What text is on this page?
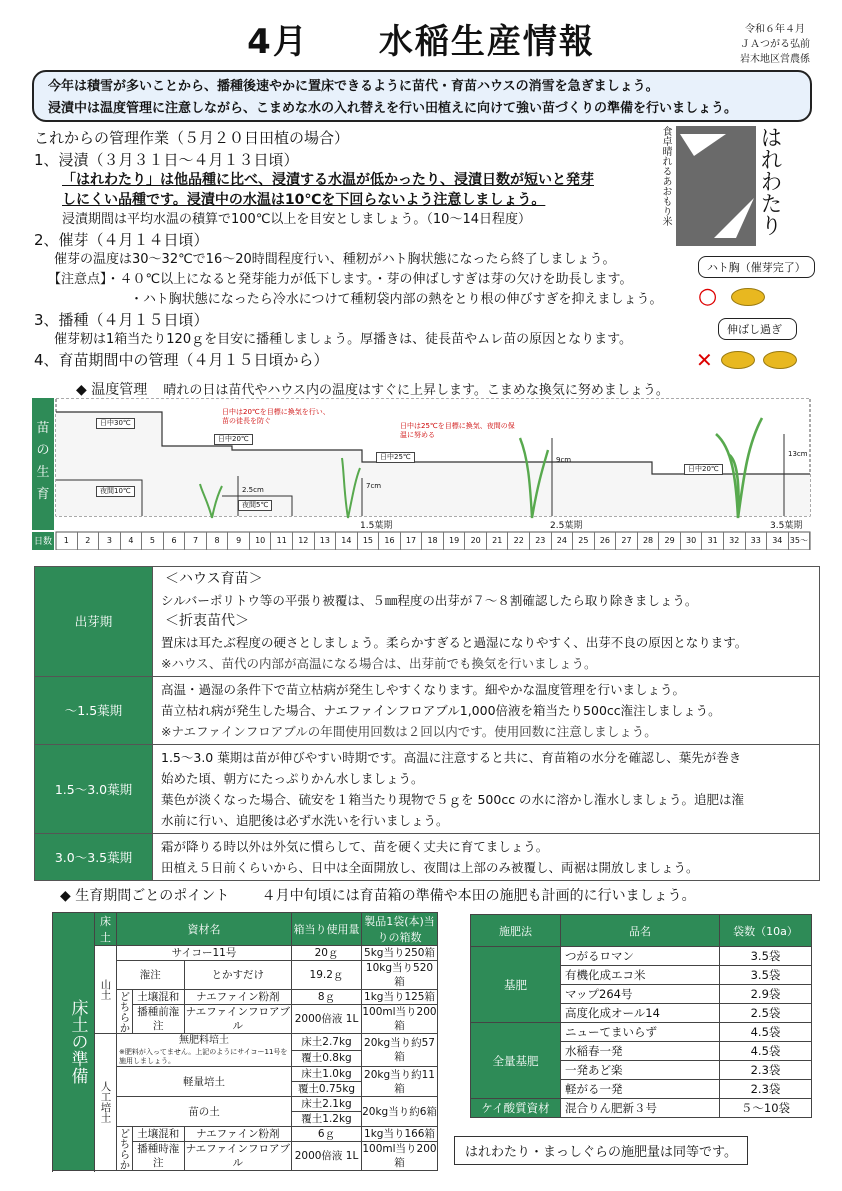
4月 水稲生産情報	令和６年４月
ＪＡつがる弘前
岩木地区営農係
今年は積雪が多いことから、播種後速やかに置床できるように苗代・育苗ハウスの消雪を急ぎましょう。
浸漬中は温度管理に注意しながら、こまめな水の入れ替えを行い田植えに向けて強い苗づくりの準備を行いましょう。
これからの管理作業（５月２０日田植の場合）
1、浸漬（３月３１日～４月１３日頃）
「はれわたり」は他品種に比べ、浸漬する水温が低かったり、浸漬日数が短いと発芽
しにくい品種です。浸漬中の水温は10℃を下回らないよう注意しましょう。
浸漬期間は平均水温の積算で100℃以上を目安としましょう。（10～14日程度）
2、催芽（４月１４日頃）
催芽の温度は30～32℃で16～20時間程度行い、種籾がハト胸状態になったら終了しましょう。
【注意点】・４０℃以上になると発芽能力が低下します。・芽の伸ばしすぎは芽の欠けを助長します。
・ハト胸状態になったら冷水につけて種籾袋内部の熱をとり根の伸びすぎを抑えましょう。
3、播種（４月１５日頃）
催芽籾は1箱当たり120ｇを目安に播種しましょう。厚播きは、徒長苗やムレ苗の原因となります。
4、育苗期間中の管理（４月１５日頃から）
◆ 温度管理 晴れの日は苗代やハウス内の温度はすぐに上昇します。こまめな換気に努めましょう。
食卓晴れるあおもり米	はれわたり
ハト胸（催芽完了）
○
伸ばし過ぎ
✕
苗の生育
日数	1	2	3	4	5	6	7	8	9	10	11	12	13	14	15	16	17	18	19	20	21	22	23	24	25	26	27	28	29	30	31	32	33	34 35～
日中30℃
日中20℃
夜間10℃
夜間5℃
日中25℃
日中20℃
2.5cm	7cm
9cm
13cm
1.5葉期	2.5葉期	3.5葉期
日中は20℃を目標に換気を行い、苗の徒長を防ぐ
日中は25℃を目標に換気、夜間の保温に努める
出芽期	＜ハウス育苗＞
シルバーポリトウ等の平張り被覆は、５㎜程度の出芽が７～８割確認したら取り除きましょう。
＜折衷苗代＞
置床は耳たぶ程度の硬さとしましょう。柔らかすぎると過湿になりやすく、出芽不良の原因となります。
※ハウス、苗代の内部が高温になる場合は、出芽前でも換気を行いましょう。

～1.5葉期	高温・過湿の条件下で苗立枯病が発生しやすくなります。細やかな温度管理を行いましょう。
苗立枯れ病が発生した場合、ナエファインフロアブル1,000倍液を箱当たり500cc潅注しましょう。
※ナエファインフロアブルの年間使用回数は２回以内です。使用回数に注意しましょう。

1.5～3.0葉期	1.5～3.0 葉期は苗が伸びやすい時期です。高温に注意すると共に、育苗箱の水分を確認し、葉先が巻き
始めた頃、朝方にたっぷりかん水しましょう。
葉色が淡くなった場合、硫安を１箱当たり現物で５ｇを 500cc の水に溶かし潅水しましょう。追肥は潅
水前に行い、追肥後は必ず水洗いを行いましょう。

3.0～3.5葉期	霜が降りる時以外は外気に慣らして、苗を硬く丈夫に育てましょう。
田植え５日前くらいから、日中は全面開放し、夜間は上部のみ被覆し、両裾は開放しましょう。
◆ 生育期間ごとのポイント ４月中旬頃には育苗箱の準備や本田の施肥も計画的に行いましょう。
床土の準備	床土	資材名			箱当り使用量	製品1袋(本)当りの箱数
	山土	サイコー11号			20ｇ	5kg当り250箱
		潅注		とかすだけ	19.2ｇ	10kg当り520箱
		どちらか	土壌混和	ナエファイン粉剤	8ｇ	1kg当り125箱
			播種前潅注	ナエファインフロアブル	2000倍液 1L	100ml当り200箱
	人工培土	無肥料培土
※肥料が入ってません。上記のようにサイコー11号を施用しましょう。			床土2.7kg	20kg当り約57箱
					覆土0.8kg	
		軽量培土			床土1.0kg	20kg当り約11箱
					覆土0.75kg	
		苗の土			床土2.1kg	20kg当り約6箱
					覆土1.2kg	
		どちらか	土壌混和	ナエファイン粉剤	6ｇ	1kg当り166箱
			播種時潅注	ナエファインフロアブル	2000倍液 1L	100ml当り200箱

施肥法	品名	袋数（10a）
基肥	つがるロマン	3.5袋
	有機化成エコ米	3.5袋
	マップ264号	2.9袋
	高度化成オール14	2.5袋
全量基肥	ニューてまいらず	4.5袋
	水稲春一発	4.5袋
	一発あど楽	2.3袋
	軽がる一発	2.3袋
ケイ酸質資材	混合りん肥新３号	５～10袋
はれわたり・まっしぐらの施肥量は同等です。
